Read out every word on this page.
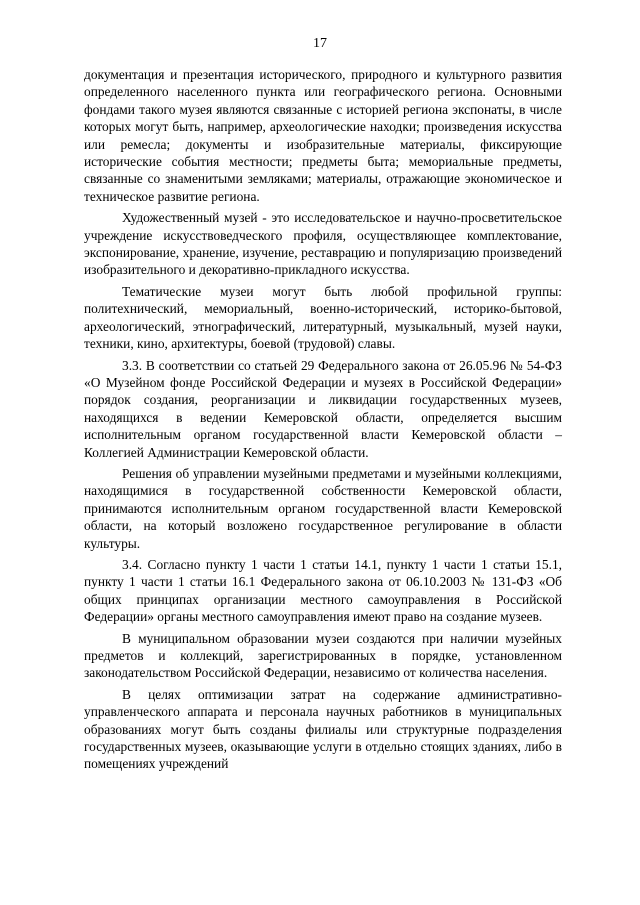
17

документация и презентация исторического, природного и культурного развития определенного населенного пункта или географического региона. Основными фондами такого музея являются связанные с историей региона экспонаты, в числе которых могут быть, например, археологические находки; произведения искусства или ремесла; документы и изобразительные материалы, фиксирующие исторические события местности; предметы быта; мемориальные предметы, связанные со знаменитыми земляками; материалы, отражающие экономическое и техническое развитие региона.

Художественный музей - это исследовательское и научно-просветительское учреждение искусствоведческого профиля, осуществляющее комплектование, экспонирование, хранение, изучение, реставрацию и популяризацию произведений изобразительного и декоративно-прикладного искусства.

Тематические музеи могут быть любой профильной группы: политехнический, мемориальный, военно-исторический, историко-бытовой, археологический, этнографический, литературный, музыкальный, музей науки, техники, кино, архитектуры, боевой (трудовой) славы.

3.3. В соответствии со статьей 29 Федерального закона от 26.05.96 № 54-ФЗ «О Музейном фонде Российской Федерации и музеях в Российской Федерации» порядок создания, реорганизации и ликвидации государственных музеев, находящихся в ведении Кемеровской области, определяется высшим исполнительным органом государственной власти Кемеровской области – Коллегией Администрации Кемеровской области.

Решения об управлении музейными предметами и музейными коллекциями, находящимися в государственной собственности Кемеровской области, принимаются исполнительным органом государственной власти Кемеровской области, на который возложено государственное регулирование в области культуры.

3.4. Согласно пункту 1 части 1 статьи 14.1, пункту 1 части 1 статьи 15.1, пункту 1 части 1 статьи 16.1 Федерального закона от 06.10.2003 № 131-ФЗ «Об общих принципах организации местного самоуправления в Российской Федерации» органы местного самоуправления имеют право на создание музеев.

В муниципальном образовании музеи создаются при наличии музейных предметов и коллекций, зарегистрированных в порядке, установленном законодательством Российской Федерации, независимо от количества населения.

В целях оптимизации затрат на содержание административно-управленческого аппарата и персонала научных работников в муниципальных образованиях могут быть созданы филиалы или структурные подразделения государственных музеев, оказывающие услуги в отдельно стоящих зданиях, либо в помещениях учреждений
